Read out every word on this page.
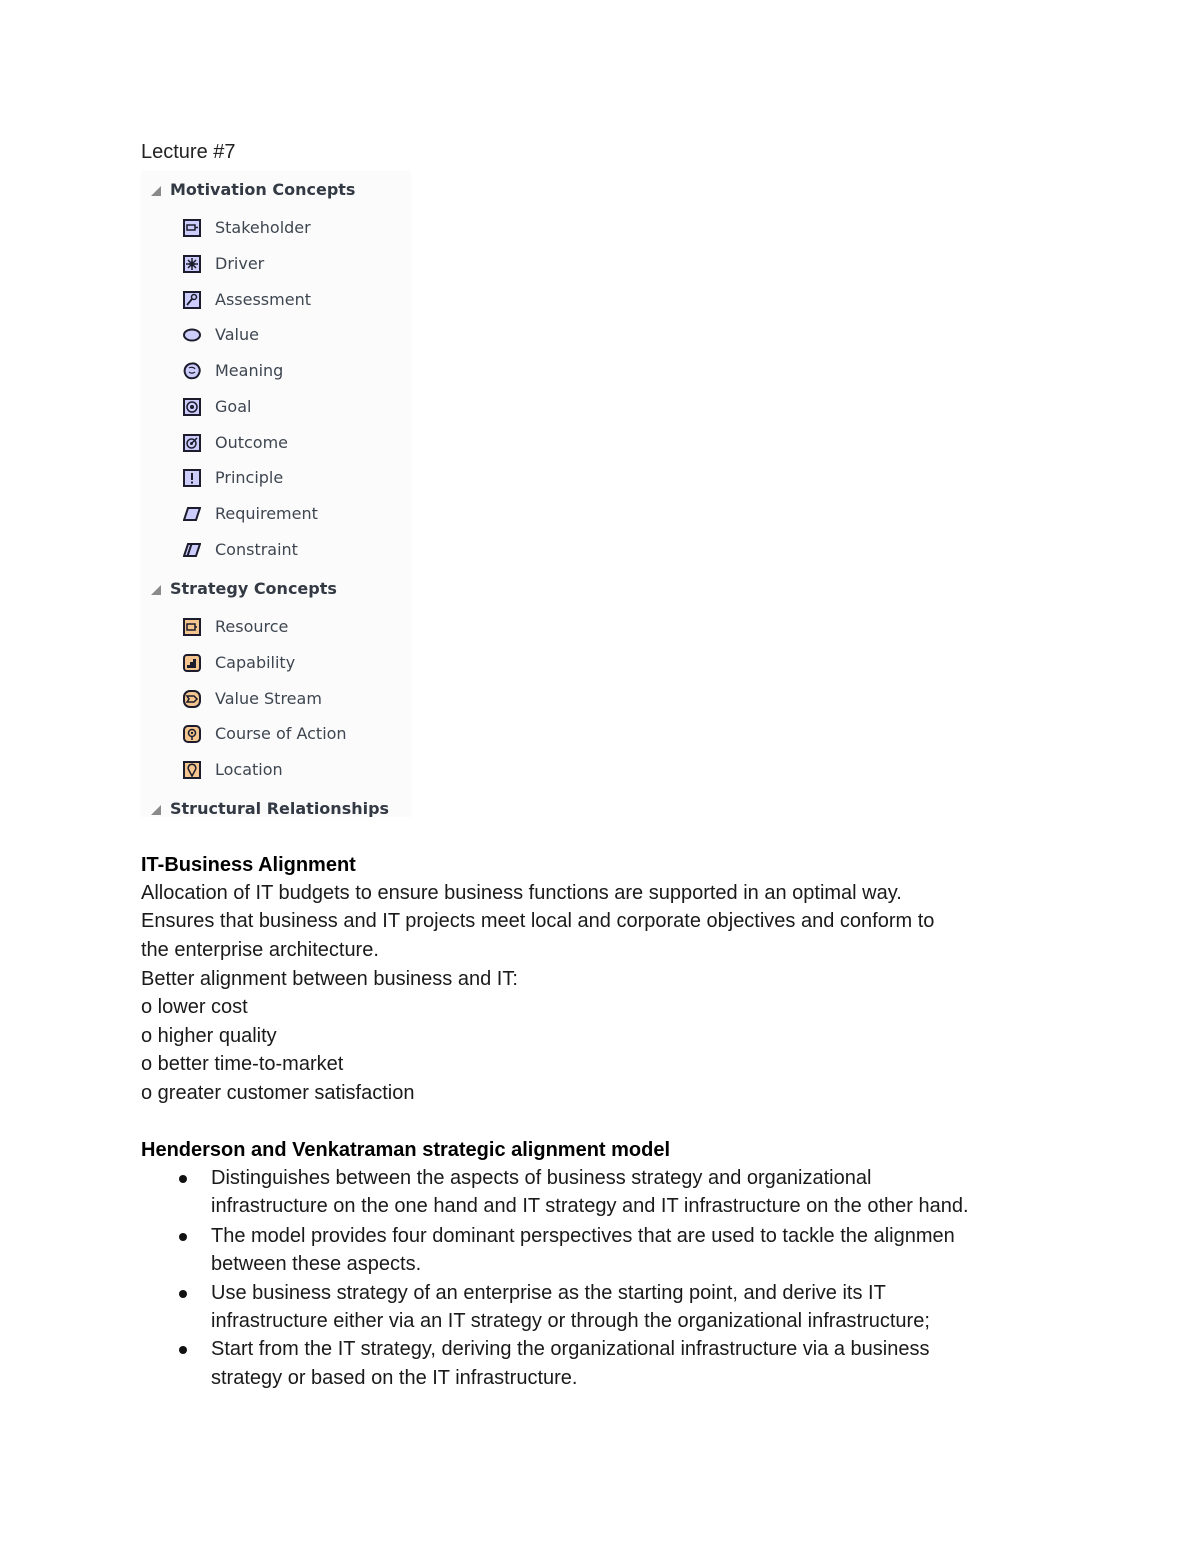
Lecture #7
Motivation Concepts
Stakeholder
Driver
Assessment
Value
Meaning
Goal
Outcome
Principle
Requirement
Constraint
Strategy Concepts
Resource
Capability
Value Stream
Course of Action
Location
Structural Relationships
IT-Business Alignment
Allocation of IT budgets to ensure business functions are supported in an optimal way.
Ensures that business and IT projects meet local and corporate objectives and conform to
the enterprise architecture.
Better alignment between business and IT:
o lower cost
o higher quality
o better time-to-market
o greater customer satisfaction
Henderson and Venkatraman strategic alignment model
Distinguishes between the aspects of business strategy and organizational
infrastructure on the one hand and IT strategy and IT infrastructure on the other hand.
The model provides four dominant perspectives that are used to tackle the alignmen
between these aspects.
Use business strategy of an enterprise as the starting point, and derive its IT
infrastructure either via an IT strategy or through the organizational infrastructure;
Start from the IT strategy, deriving the organizational infrastructure via a business
strategy or based on the IT infrastructure.
